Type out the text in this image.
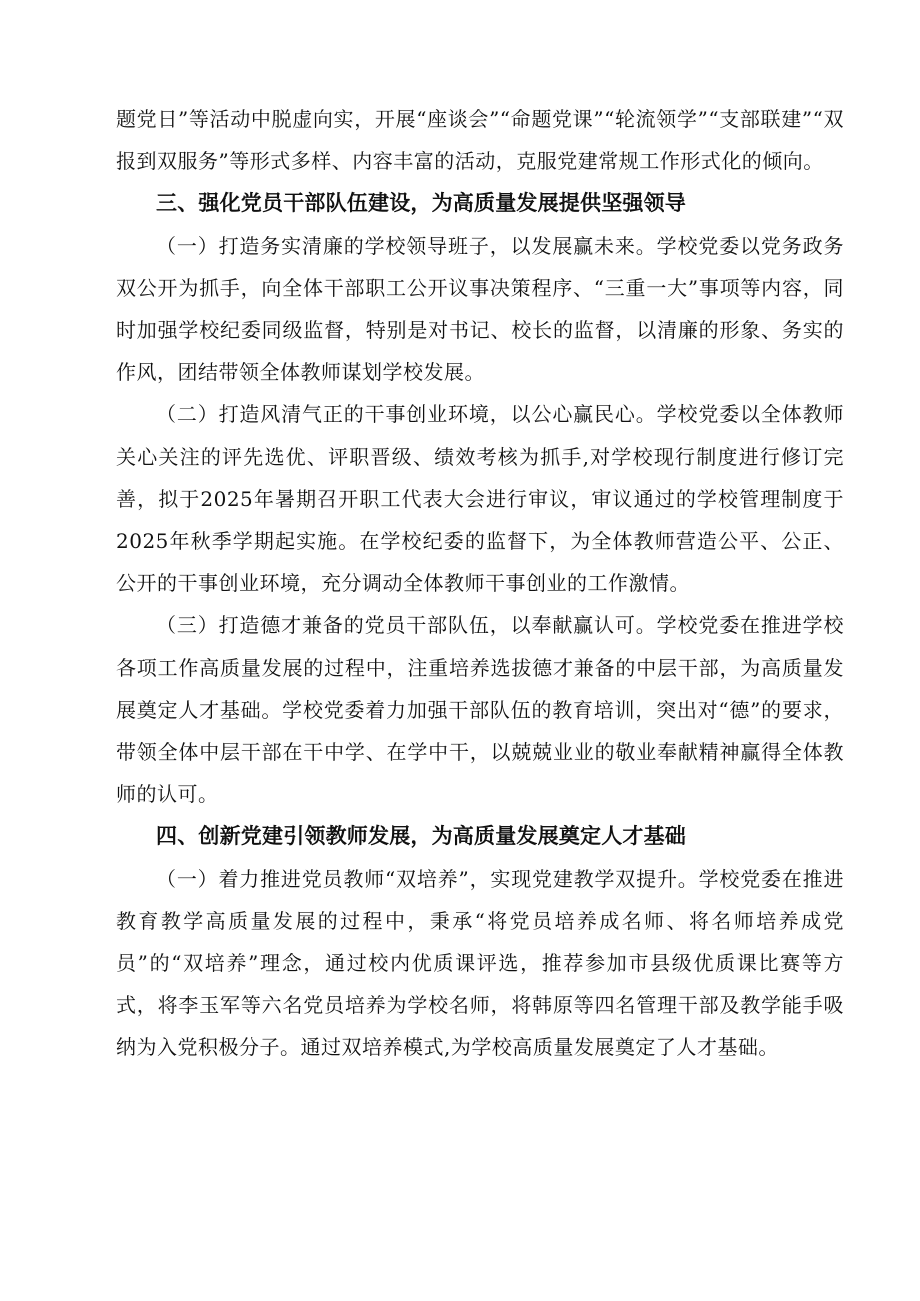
题党日”等活动中脱虚向实，开展“座谈会”“命题党课”“轮流领学”“支部联建”“双报到双服务”等形式多样、内容丰富的活动，克服党建常规工作形式化的倾向。

三、强化党员干部队伍建设，为高质量发展提供坚强领导

（一）打造务实清廉的学校领导班子，以发展赢未来。学校党委以党务政务双公开为抓手，向全体干部职工公开议事决策程序、“三重一大”事项等内容，同时加强学校纪委同级监督，特别是对书记、校长的监督，以清廉的形象、务实的作风，团结带领全体教师谋划学校发展。

（二）打造风清气正的干事创业环境，以公心赢民心。学校党委以全体教师关心关注的评先选优、评职晋级、绩效考核为抓手,对学校现行制度进行修订完善，拟于2025年暑期召开职工代表大会进行审议，审议通过的学校管理制度于2025年秋季学期起实施。在学校纪委的监督下，为全体教师营造公平、公正、公开的干事创业环境，充分调动全体教师干事创业的工作激情。

（三）打造德才兼备的党员干部队伍，以奉献赢认可。学校党委在推进学校各项工作高质量发展的过程中，注重培养选拔德才兼备的中层干部，为高质量发展奠定人才基础。学校党委着力加强干部队伍的教育培训，突出对“德”的要求，带领全体中层干部在干中学、在学中干，以兢兢业业的敬业奉献精神赢得全体教师的认可。

四、创新党建引领教师发展，为高质量发展奠定人才基础

（一）着力推进党员教师“双培养”，实现党建教学双提升。学校党委在推进教育教学高质量发展的过程中，秉承“将党员培养成名师、将名师培养成党员”的“双培养”理念，通过校内优质课评选，推荐参加市县级优质课比赛等方式，将李玉军等六名党员培养为学校名师，将韩原等四名管理干部及教学能手吸纳为入党积极分子。通过双培养模式,为学校高质量发展奠定了人才基础。
